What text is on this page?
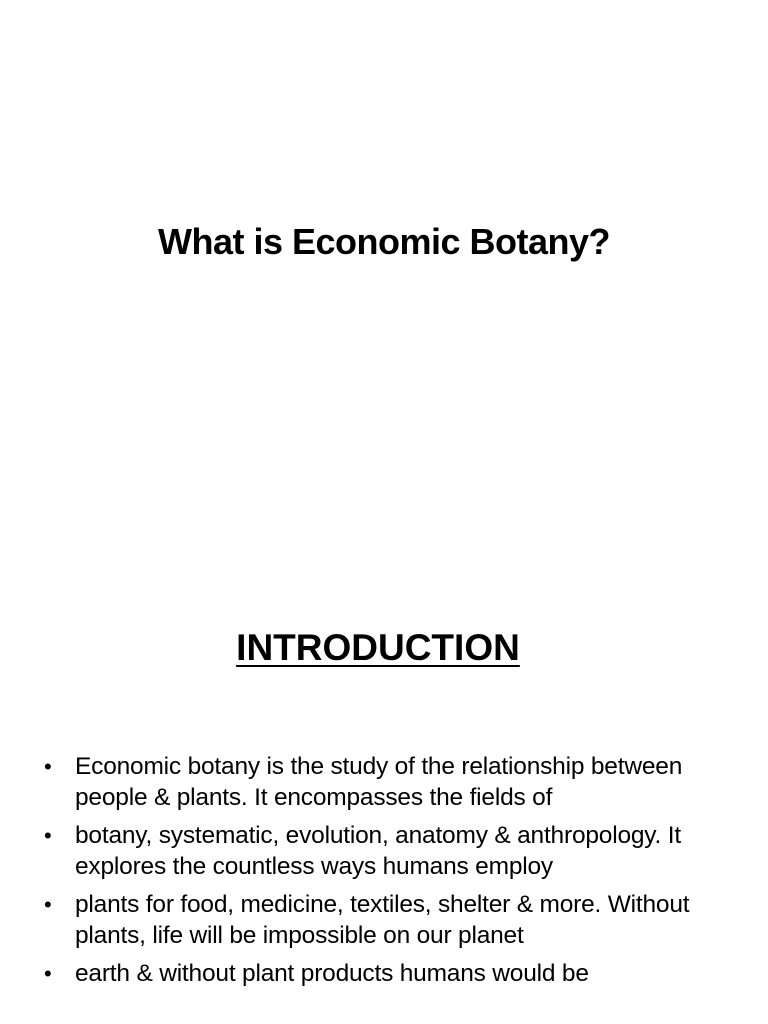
What is Economic Botany?
INTRODUCTION
• Economic botany is the study of the relationship between people & plants. It encompasses the fields of
• botany, systematic, evolution, anatomy & anthropology. It explores the countless ways humans employ
• plants for food, medicine, textiles, shelter & more. Without plants, life will be impossible on our planet
• earth & without plant products humans would be
